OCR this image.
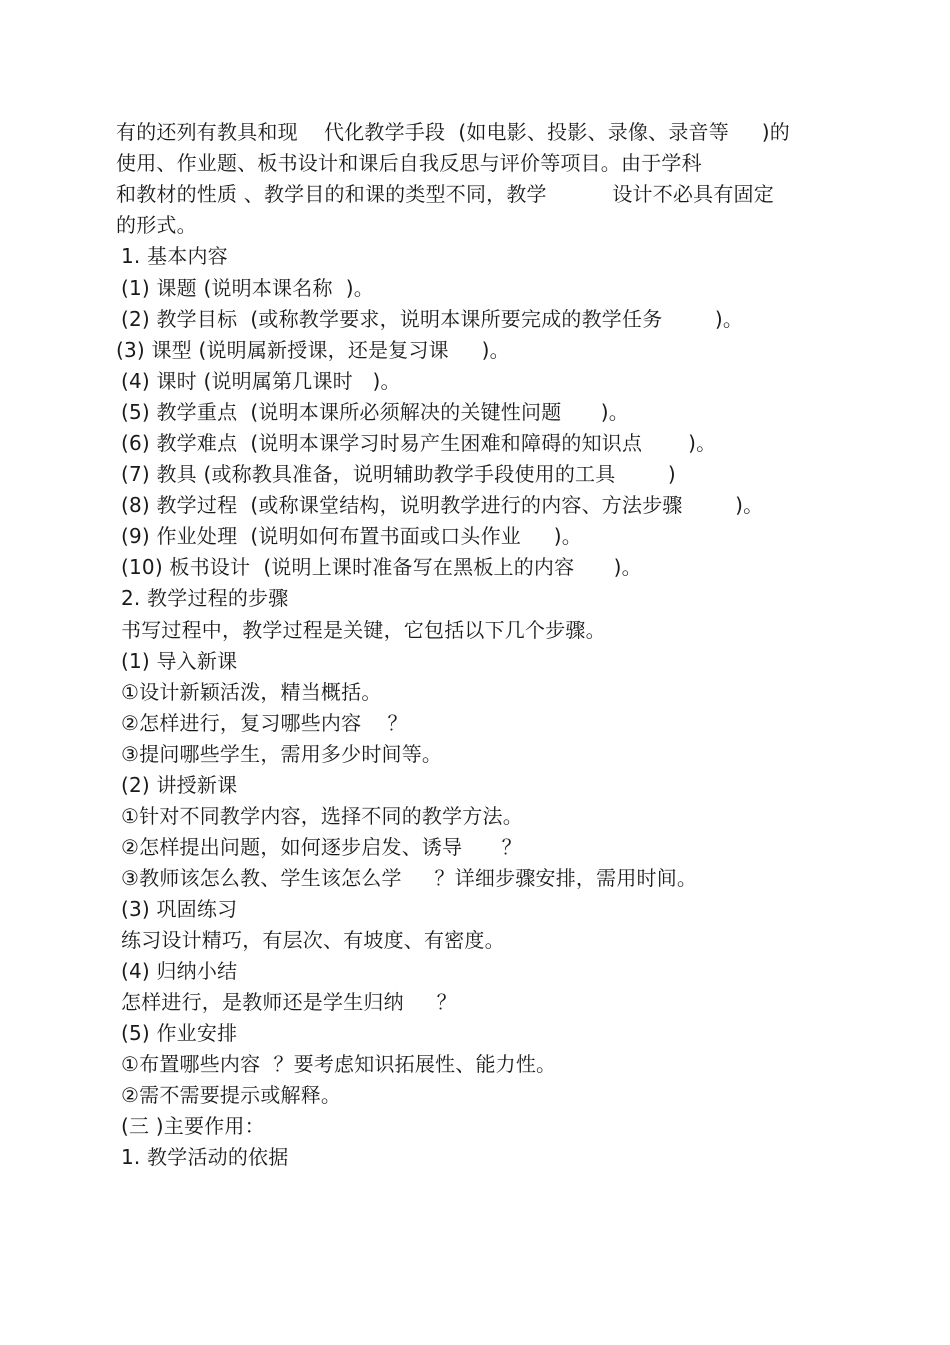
有的还列有教具和现    代化教学手段  (如电影、投影、录像、录音等     )的
使用、作业题、板书设计和课后自我反思与评价等项目。由于学科
和教材的性质 、教学目的和课的类型不同，教学          设计不必具有固定
的形式。
1. 基本内容
(1) 课题 (说明本课名称  )。
(2) 教学目标  (或称教学要求，说明本课所要完成的教学任务        )。
(3) 课型 (说明属新授课，还是复习课     )。
(4) 课时 (说明属第几课时   )。
(5) 教学重点  (说明本课所必须解决的关键性问题      )。
(6) 教学难点  (说明本课学习时易产生困难和障碍的知识点       )。
(7) 教具 (或称教具准备，说明辅助教学手段使用的工具        )
(8) 教学过程  (或称课堂结构，说明教学进行的内容、方法步骤        )。
(9) 作业处理  (说明如何布置书面或口头作业     )。
(10) 板书设计  (说明上课时准备写在黑板上的内容      )。
2. 教学过程的步骤
书写过程中，教学过程是关键，它包括以下几个步骤。
(1) 导入新课
①设计新颖活泼，精当概括。
②怎样进行，复习哪些内容    ？
③提问哪些学生，需用多少时间等。
(2) 讲授新课
①针对不同教学内容，选择不同的教学方法。
②怎样提出问题，如何逐步启发、诱导      ？
③教师该怎么教、学生该怎么学     ？详细步骤安排，需用时间。
(3) 巩固练习
练习设计精巧，有层次、有坡度、有密度。
(4) 归纳小结
怎样进行，是教师还是学生归纳     ？
(5) 作业安排
①布置哪些内容  ？要考虑知识拓展性、能力性。
②需不需要提示或解释。
(三 )主要作用：
1. 教学活动的依据
